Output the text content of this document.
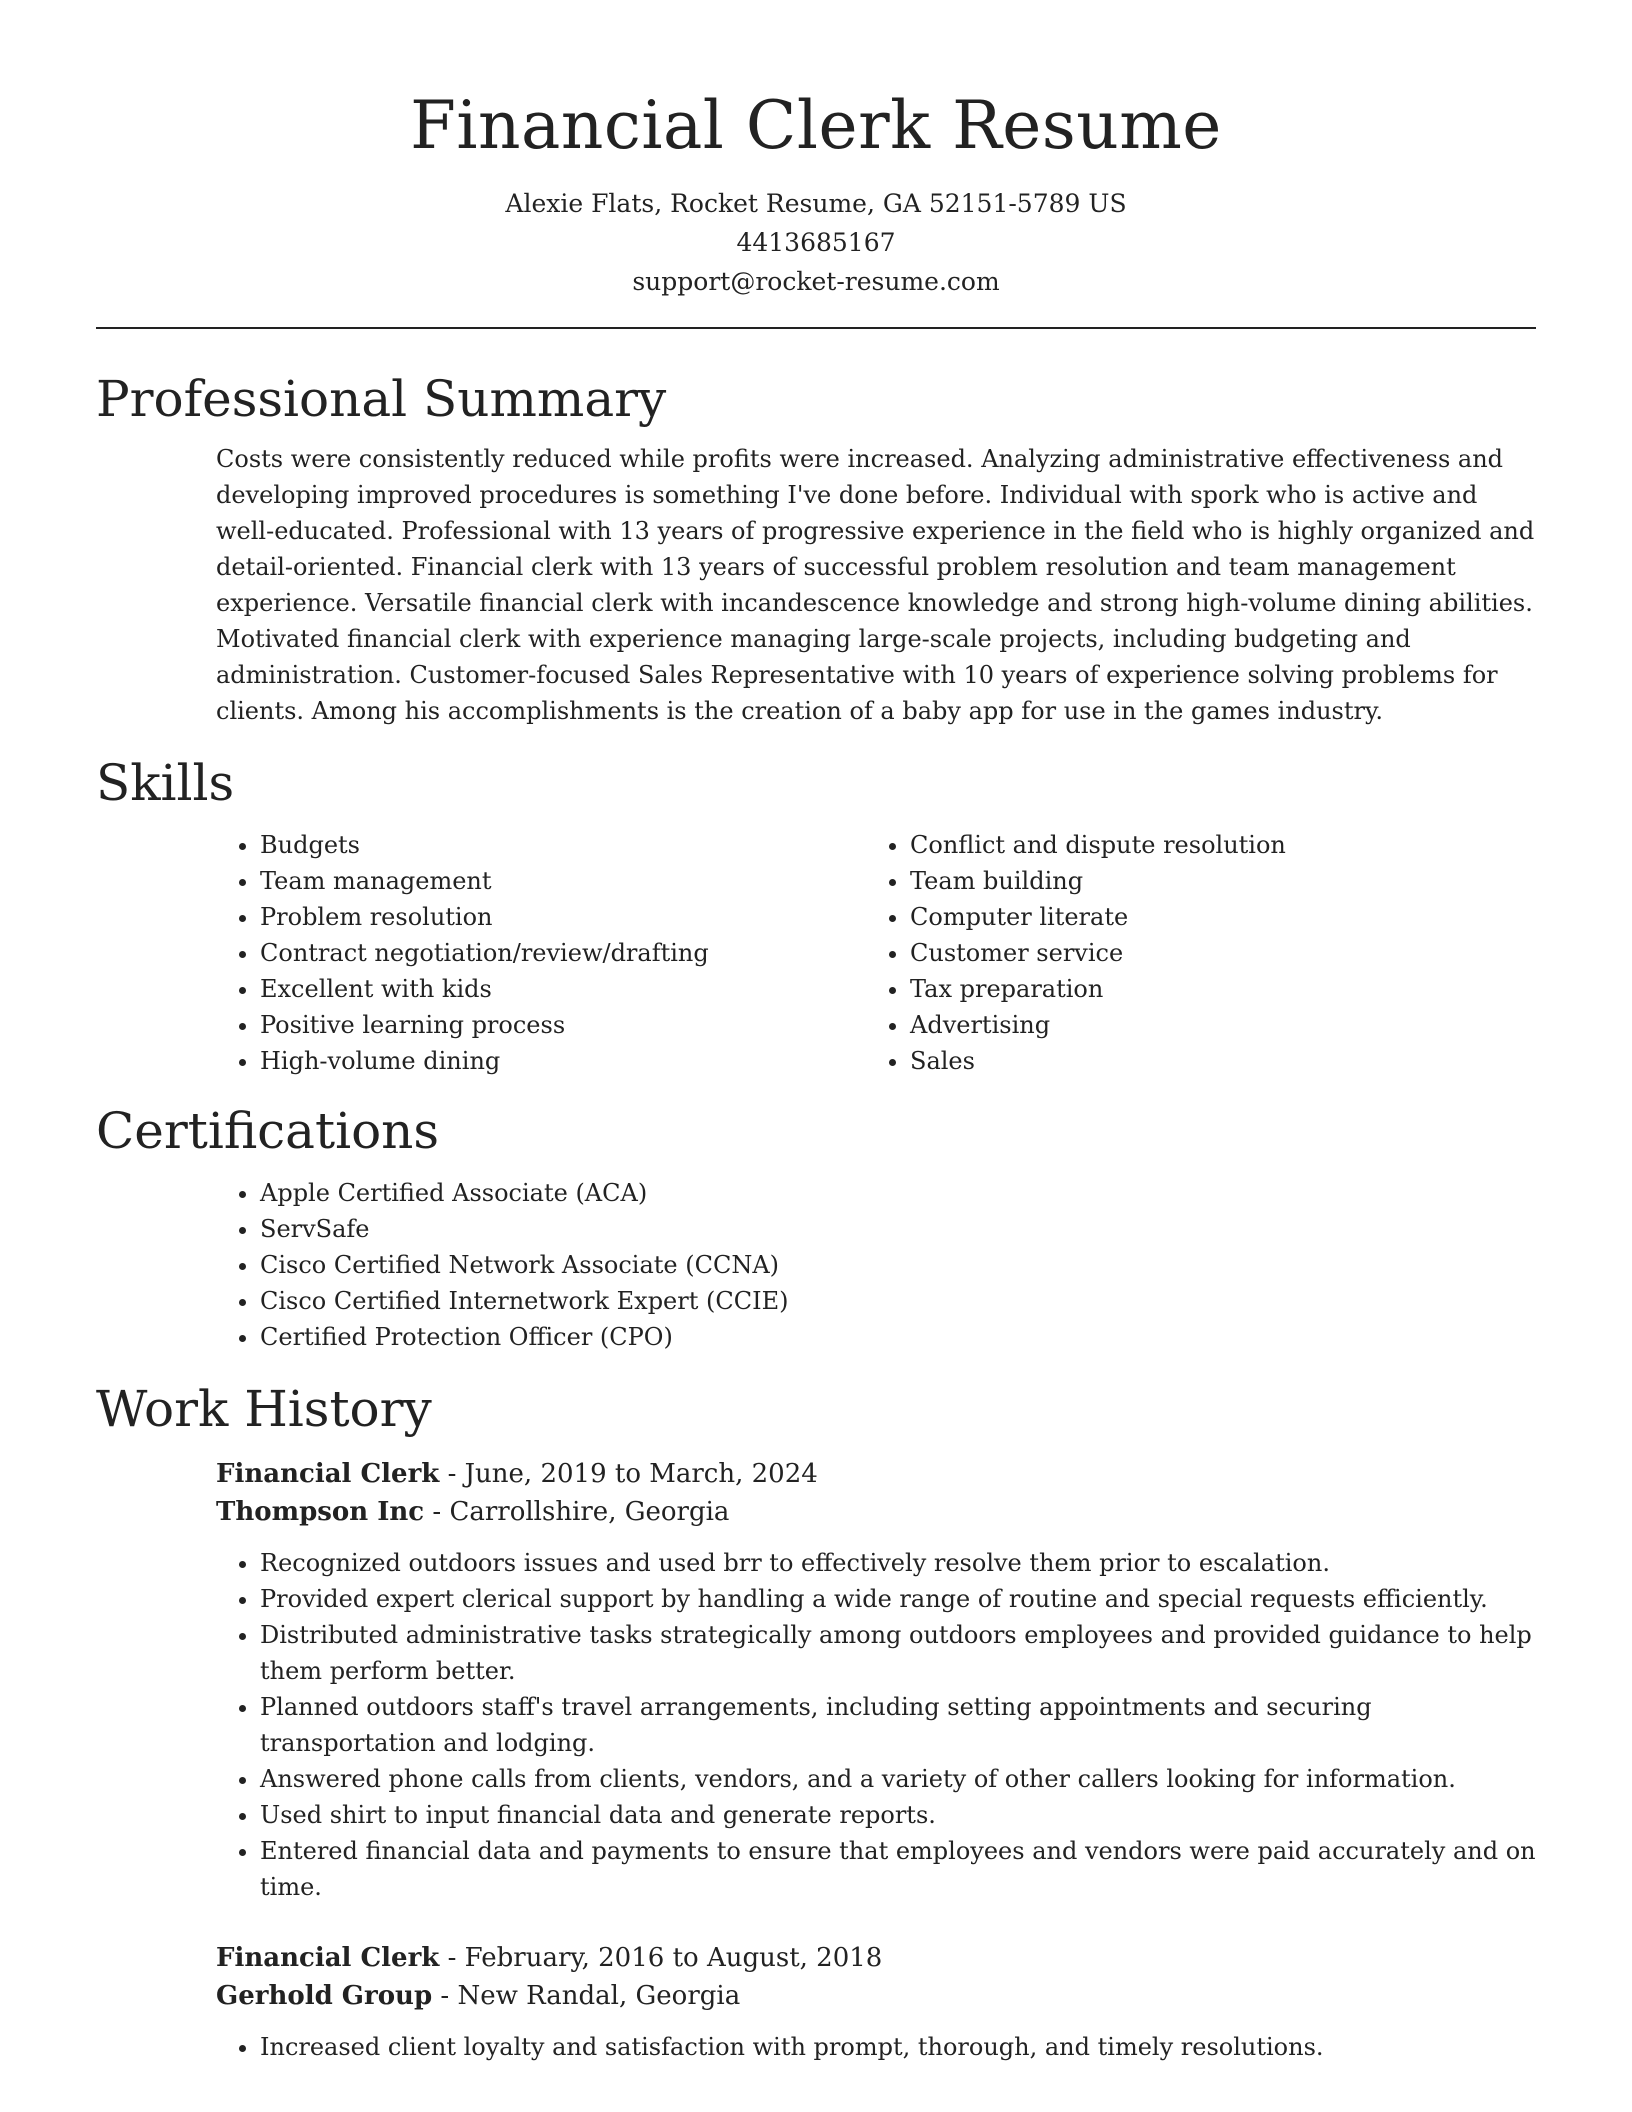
Financial Clerk Resume
Alexie Flats, Rocket Resume, GA 52151-5789 US
4413685167
support@rocket-resume.com
Professional Summary

Costs were consistently reduced while profits were increased. Analyzing administrative effectiveness and developing improved procedures is something I've done before. Individual with spork who is active and well-educated. Professional with 13 years of progressive experience in the field who is highly organized and detail-oriented. Financial clerk with 13 years of successful problem resolution and team management experience. Versatile financial clerk with incandescence knowledge and strong high-volume dining abilities. Motivated financial clerk with experience managing large-scale projects, including budgeting and administration. Customer-focused Sales Representative with 10 years of experience solving problems for clients. Among his accomplishments is the creation of a baby app for use in the games industry.

Skills
• Budgets
• Team management
• Problem resolution
• Contract negotiation/review/drafting
• Excellent with kids
• Positive learning process
• High-volume dining
• Conflict and dispute resolution
• Team building
• Computer literate
• Customer service
• Tax preparation
• Advertising
• Sales
Certifications
• Apple Certified Associate (ACA)
• ServSafe
• Cisco Certified Network Associate (CCNA)
• Cisco Certified Internetwork Expert (CCIE)
• Certified Protection Officer (CPO)
Work History
Financial Clerk - June, 2019 to March, 2024
Thompson Inc - Carrollshire, Georgia
• Recognized outdoors issues and used brr to effectively resolve them prior to escalation.
• Provided expert clerical support by handling a wide range of routine and special requests efficiently.
• Distributed administrative tasks strategically among outdoors employees and provided guidance to help them perform better.
• Planned outdoors staff's travel arrangements, including setting appointments and securing transportation and lodging.
• Answered phone calls from clients, vendors, and a variety of other callers looking for information.
• Used shirt to input financial data and generate reports.
• Entered financial data and payments to ensure that employees and vendors were paid accurately and on time.
Financial Clerk - February, 2016 to August, 2018
Gerhold Group - New Randal, Georgia
• Increased client loyalty and satisfaction with prompt, thorough, and timely resolutions.
